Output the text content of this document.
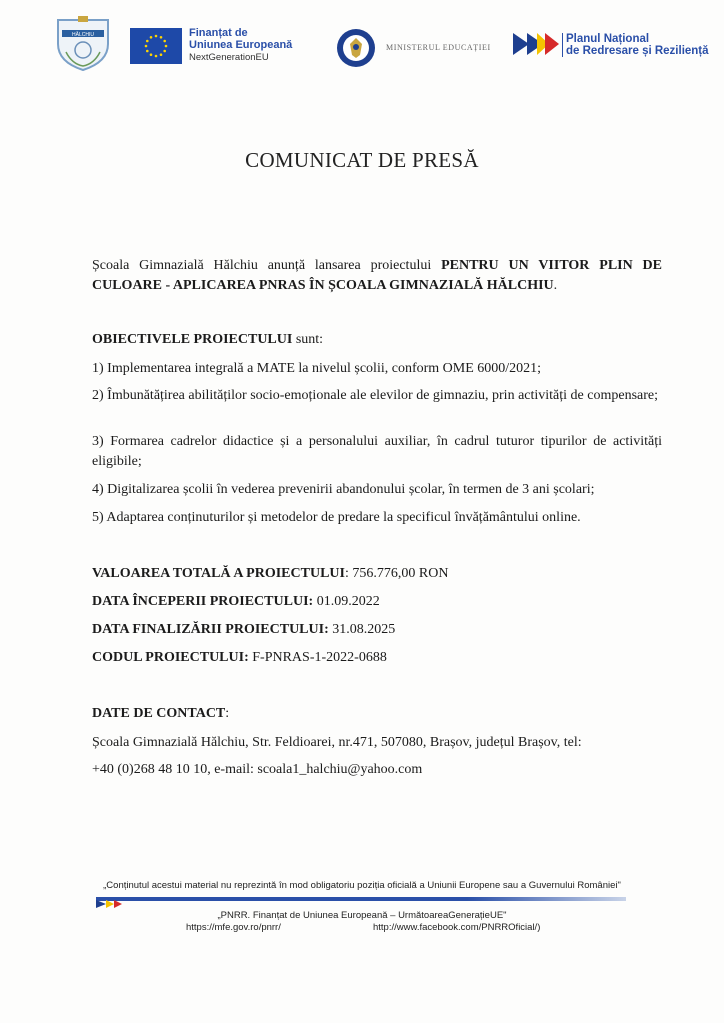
HĂLCHIU	Finanțat de
Uniunea Europeană
NextGenerationEU
MINISTERUL EDUCAȚIEI
Planul Național
de Redresare și Reziliență
COMUNICAT DE PRESĂ
Școala Gimnazială Hălchiu anunță lansarea proiectului PENTRU UN VIITOR PLIN DE CULOARE - APLICAREA PNRAS ÎN ȘCOALA GIMNAZIALĂ HĂLCHIU.
OBIECTIVELE PROIECTULUI sunt:
1) Implementarea integrală a MATE la nivelul școlii, conform OME 6000/2021;
2) Îmbunătățirea abilităților socio-emoționale ale elevilor de gimnaziu, prin activități de compensare;
3) Formarea cadrelor didactice și a personalului auxiliar, în cadrul tuturor tipurilor de activități eligibile;
4) Digitalizarea școlii în vederea prevenirii abandonului școlar, în termen de 3 ani școlari;
5) Adaptarea conținuturilor și metodelor de predare la specificul învățământului online.
VALOAREA TOTALĂ A PROIECTULUI: 756.776,00 RON
DATA ÎNCEPERII PROIECTULUI: 01.09.2022
DATA FINALIZĂRII PROIECTULUI: 31.08.2025
CODUL PROIECTULUI: F-PNRAS-1-2022-0688
DATE DE CONTACT:
Școala Gimnazială Hălchiu, Str. Feldioarei, nr.471, 507080, Brașov, județul Brașov, tel:
+40 (0)268 48 10 10, e-mail: scoala1_halchiu@yahoo.com
„Conținutul acestui material nu reprezintă în mod obligatoriu poziția oficială a Uniunii Europene sau a Guvernului României"
„PNRR. Finanțat de Uniunea Europeană – UrmătoareaGenerațieUE"
https://mfe.gov.ro/pnrr/	http://www.facebook.com/PNRROficial/)
